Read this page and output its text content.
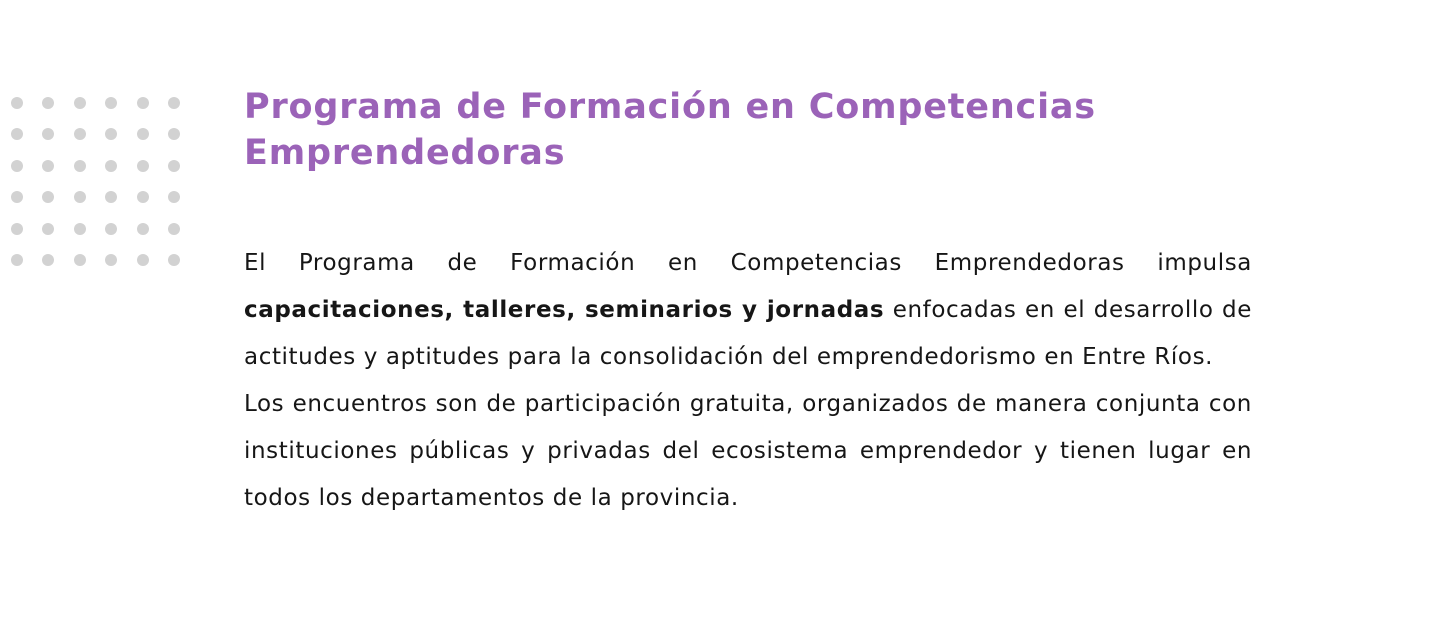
Programa de Formación en Competencias Emprendedoras

El Programa de Formación en Competencias Emprendedoras impulsa capacitaciones, talleres, seminarios y jornadas enfocadas en el desarrollo de actitudes y aptitudes para la consolidación del emprendedorismo en Entre Ríos.

Los encuentros son de participación gratuita, organizados de manera conjunta con instituciones públicas y privadas del ecosistema emprendedor y tienen lugar en todos los departamentos de la provincia.
